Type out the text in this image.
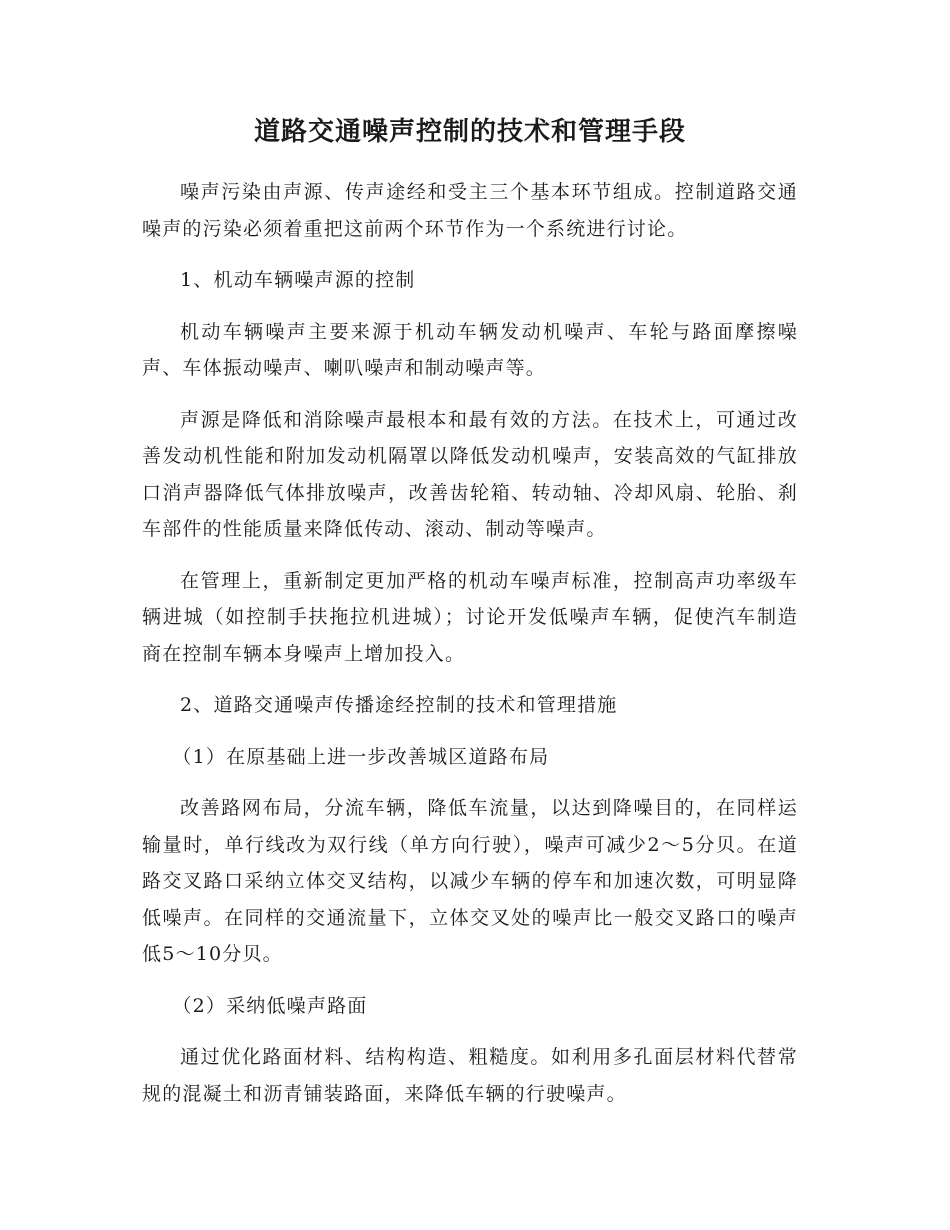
道路交通噪声控制的技术和管理手段

噪声污染由声源、传声途经和受主三个基本环节组成。控制道路交通噪声的污染必须着重把这前两个环节作为一个系统进行讨论。

1、机动车辆噪声源的控制

机动车辆噪声主要来源于机动车辆发动机噪声、车轮与路面摩擦噪声、车体振动噪声、喇叭噪声和制动噪声等。

声源是降低和消除噪声最根本和最有效的方法。在技术上，可通过改善发动机性能和附加发动机隔罩以降低发动机噪声，安装高效的气缸排放口消声器降低气体排放噪声，改善齿轮箱、转动轴、冷却风扇、轮胎、刹车部件的性能质量来降低传动、滚动、制动等噪声。

在管理上，重新制定更加严格的机动车噪声标准，控制高声功率级车辆进城（如控制手扶拖拉机进城）；讨论开发低噪声车辆，促使汽车制造商在控制车辆本身噪声上增加投入。

2、道路交通噪声传播途经控制的技术和管理措施

（1）在原基础上进一步改善城区道路布局

改善路网布局，分流车辆，降低车流量，以达到降噪目的，在同样运输量时，单行线改为双行线（单方向行驶），噪声可减少2～5分贝。在道路交叉路口采纳立体交叉结构，以减少车辆的停车和加速次数，可明显降低噪声。在同样的交通流量下，立体交叉处的噪声比一般交叉路口的噪声低5～10分贝。

（2）采纳低噪声路面

通过优化路面材料、结构构造、粗糙度。如利用多孔面层材料代替常规的混凝土和沥青铺装路面，来降低车辆的行驶噪声。
